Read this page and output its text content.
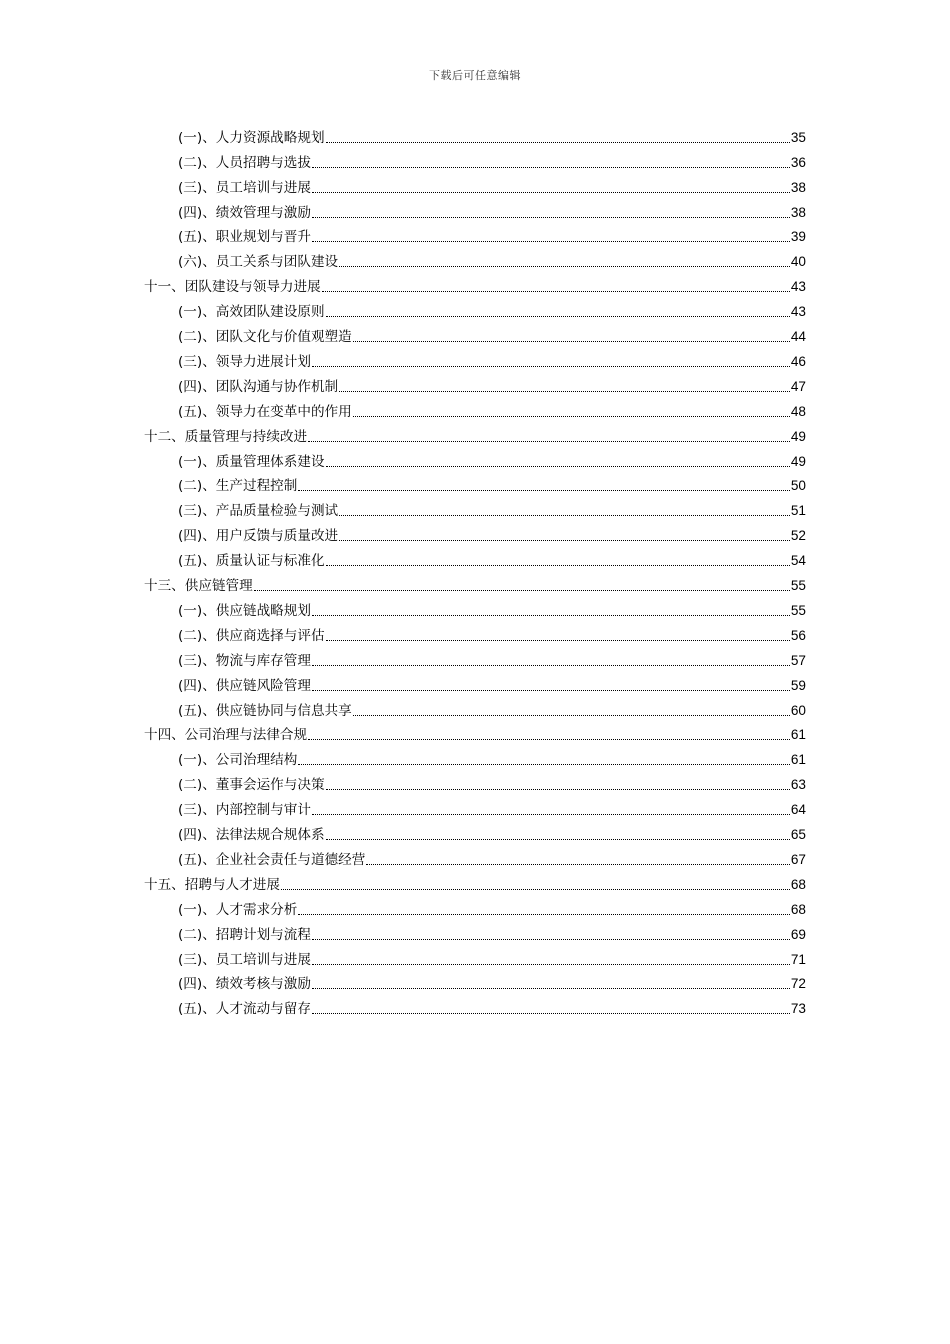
下载后可任意编辑
(一)、人力资源战略规划	35
(二)、人员招聘与选拔	36
(三)、员工培训与进展	38
(四)、绩效管理与激励	38
(五)、职业规划与晋升	39
(六)、员工关系与团队建设	40
十一、团队建设与领导力进展	43
(一)、高效团队建设原则	43
(二)、团队文化与价值观塑造	44
(三)、领导力进展计划	46
(四)、团队沟通与协作机制	47
(五)、领导力在变革中的作用	48
十二、质量管理与持续改进	49
(一)、质量管理体系建设	49
(二)、生产过程控制	50
(三)、产品质量检验与测试	51
(四)、用户反馈与质量改进	52
(五)、质量认证与标准化	54
十三、供应链管理	55
(一)、供应链战略规划	55
(二)、供应商选择与评估	56
(三)、物流与库存管理	57
(四)、供应链风险管理	59
(五)、供应链协同与信息共享	60
十四、公司治理与法律合规	61
(一)、公司治理结构	61
(二)、董事会运作与决策	63
(三)、内部控制与审计	64
(四)、法律法规合规体系	65
(五)、企业社会责任与道德经营	67
十五、招聘与人才进展	68
(一)、人才需求分析	68
(二)、招聘计划与流程	69
(三)、员工培训与进展	71
(四)、绩效考核与激励	72
(五)、人才流动与留存	73
